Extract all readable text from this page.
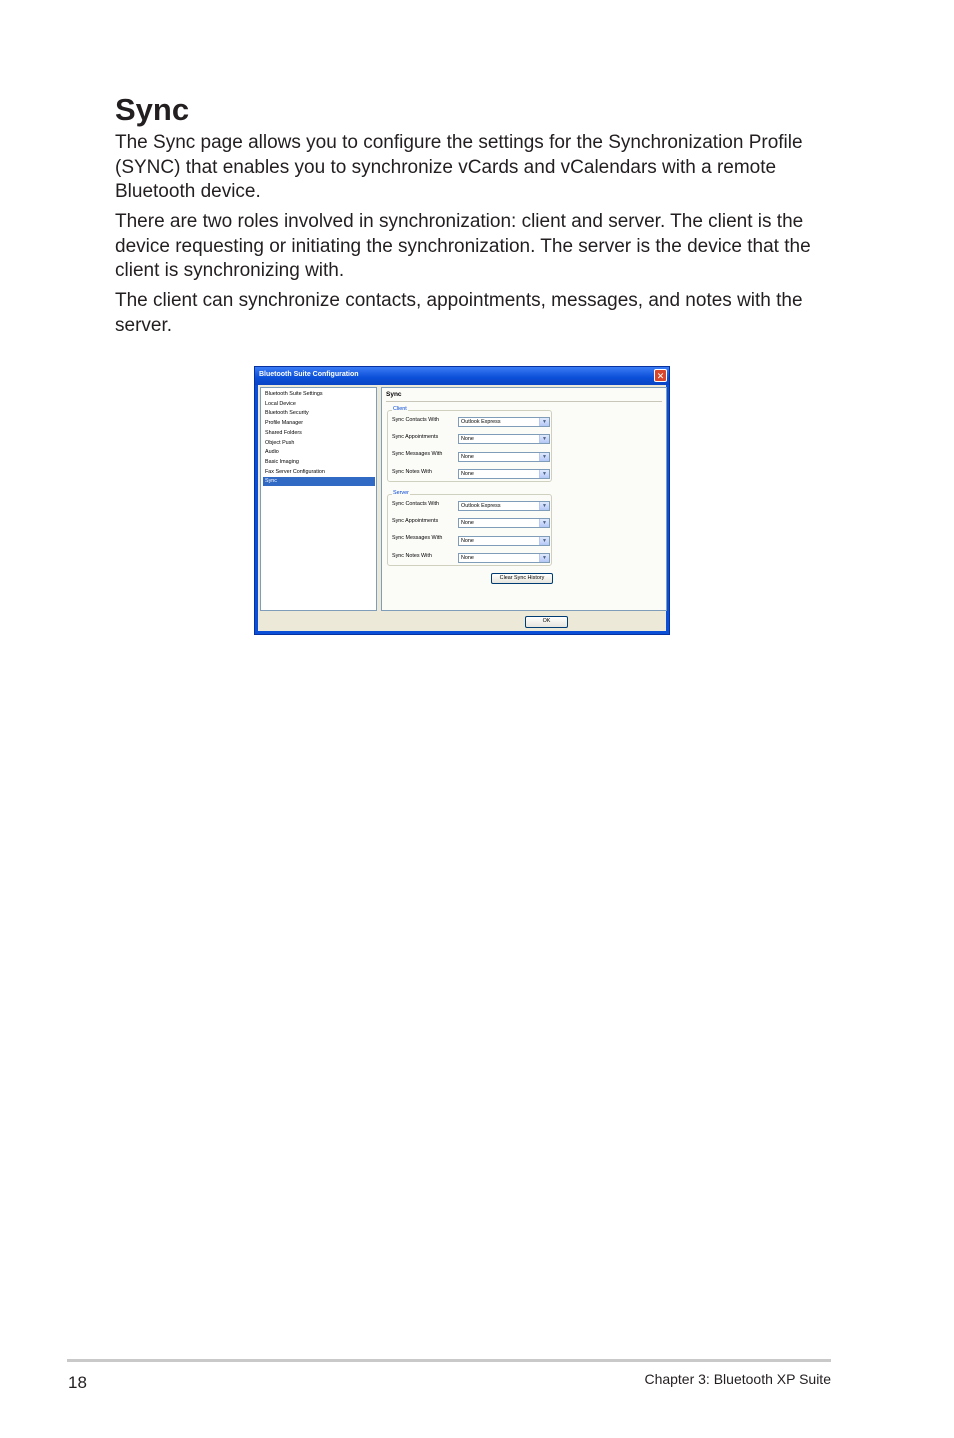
Sync

The Sync page allows you to configure the settings for the Synchronization Profile (SYNC) that enables you to synchronize vCards and vCalendars with a remote Bluetooth device.

There are two roles involved in synchronization: client and server. The client is the device requesting or initiating the synchronization. The server is the device that the client is synchronizing with.

The client can synchronize contacts, appointments, messages, and notes with the server.

Bluetooth Suite Configuration	✕
Bluetooth Suite Settings
Local Device
Bluetooth Security
Profile Manager
Shared Folders
Object Push
Audio
Basic Imaging
Fax Server Configuration
Sync
Sync
Client
Sync Contacts With	Outlook Express	▼
Sync Appointments	None	▼
Sync Messages With	None	▼
Sync Notes With	None	▼
Server
Sync Contacts With	Outlook Express	▼
Sync Appointments	None	▼
Sync Messages With	None	▼
Sync Notes With	None	▼
Clear Sync History
OK
18	Chapter 3: Bluetooth XP Suite
